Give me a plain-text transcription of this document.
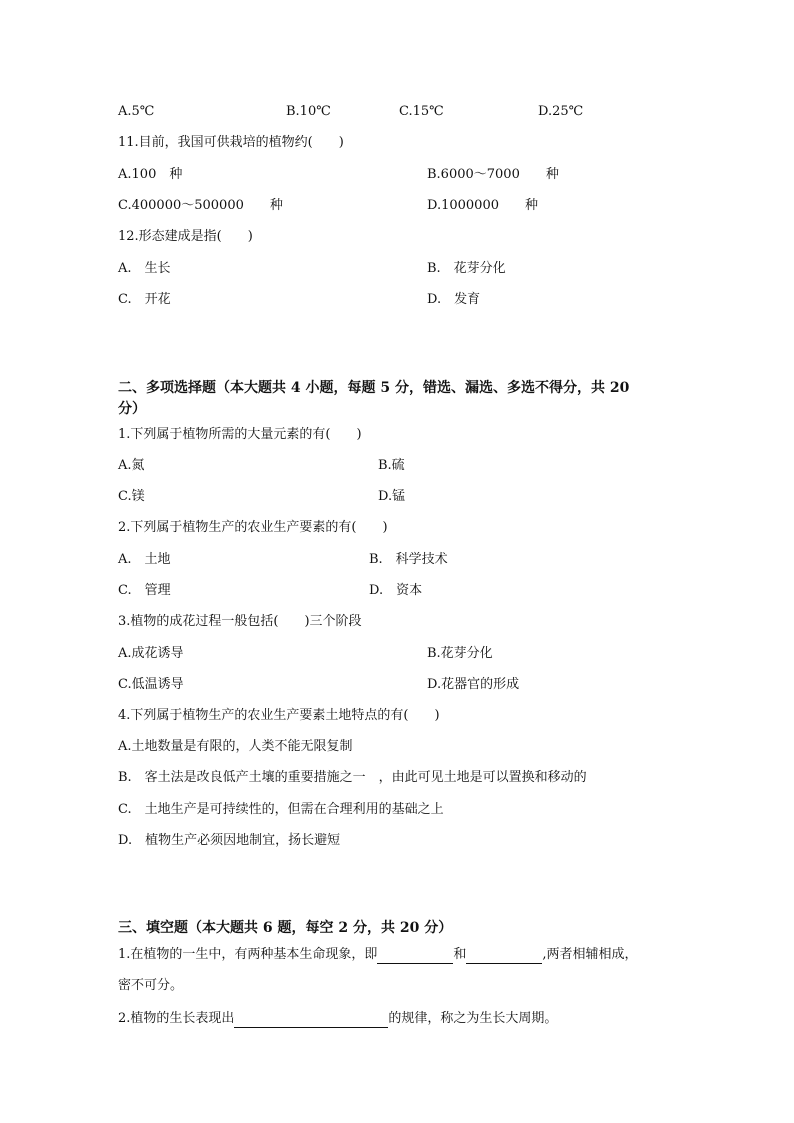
A.5℃	B.10℃	C.15℃	D.25℃
11.目前，我国可供栽培的植物约(　　)
A.100　种	B.6000～7000　　种
C.400000～500000　　种	D.1000000　　种
12.形态建成是指(　　)
A.　生长	B.　花芽分化
C.　开花	D.　发育
二、多项选择题（本大题共 4 小题，每题 5 分，错选、漏选、多选不得分，共 20
分）
1.下列属于植物所需的大量元素的有(　　)
A.氮	B.硫
C.镁	D.锰
2.下列属于植物生产的农业生产要素的有(　　)
A.　土地	B.　科学技术
C.　管理	D.　资本
3.植物的成花过程一般包括(　　)三个阶段
A.成花诱导	B.花芽分化
C.低温诱导	D.花器官的形成
4.下列属于植物生产的农业生产要素土地特点的有(　　)
A.土地数量是有限的，人类不能无限复制
B.　客土法是改良低产土壤的重要措施之一　，由此可见土地是可以置换和移动的
C.　土地生产是可持续性的，但需在合理利用的基础之上
D.　植物生产必须因地制宜，扬长避短
三、填空题（本大题共 6 题，每空 2 分，共 20 分）
1.在植物的一生中，有两种基本生命现象，即	和	,两者相辅相成，
密不可分。
2.植物的生长表现出	的规律，称之为生长大周期。
